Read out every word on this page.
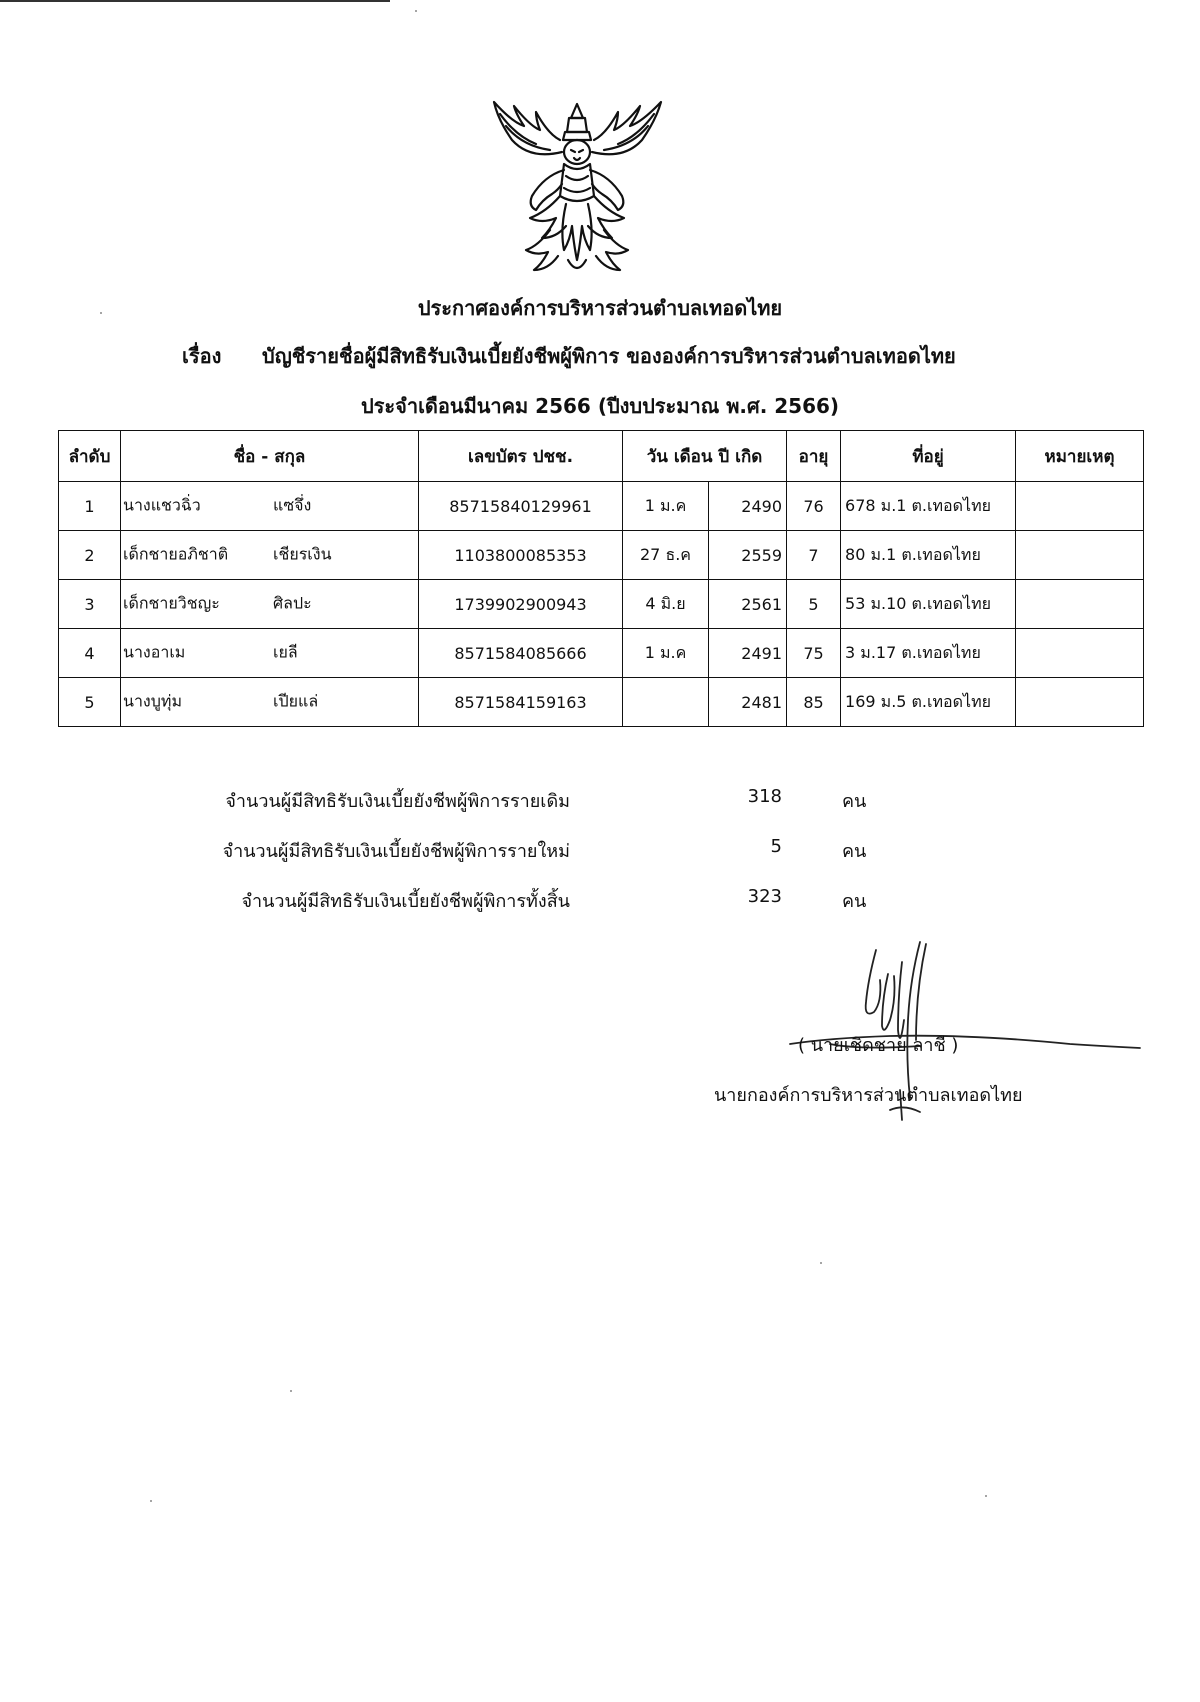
ประกาศองค์การบริหารส่วนตำบลเทอดไทย
เรื่อง บัญชีรายชื่อผู้มีสิทธิรับเงินเบี้ยยังชีพผู้พิการ ขององค์การบริหารส่วนตำบลเทอดไทย
ประจำเดือนมีนาคม 2566 (ปีงบประมาณ พ.ศ. 2566)
ลำดับ	ชื่อ - สกุล	เลขบัตร ปชช.	วัน เดือน ปี เกิด		อายุ	ที่อยู่	หมายเหตุ
1	นางแชวฉิ่ว แซจึ่ง	85715840129961	1 ม.ค	2490	76	678 ม.1 ต.เทอดไทย	
2	เด็กชายอภิชาติ เชียรเงิน	1103800085353	27 ธ.ค	2559	7	80 ม.1 ต.เทอดไทย	
3	เด็กชายวิชญะ ศิลปะ	1739902900943	4 มิ.ย	2561	5	53 ม.10 ต.เทอดไทย	
4	นางอาเม เยลี	8571584085666	1 ม.ค	2491	75	3 ม.17 ต.เทอดไทย	
5	นางบูทุ่ม เปียแล่	8571584159163		2481	85	169 ม.5 ต.เทอดไทย	
จำนวนผู้มีสิทธิรับเงินเบี้ยยังชีพผู้พิการรายเดิม	318	คน
จำนวนผู้มีสิทธิรับเงินเบี้ยยังชีพผู้พิการรายใหม่	5	คน
จำนวนผู้มีสิทธิรับเงินเบี้ยยังชีพผู้พิการทั้งสิ้น	323	คน
( นายเชิดชาย ลาชี )
นายกองค์การบริหารส่วนตำบลเทอดไทย
